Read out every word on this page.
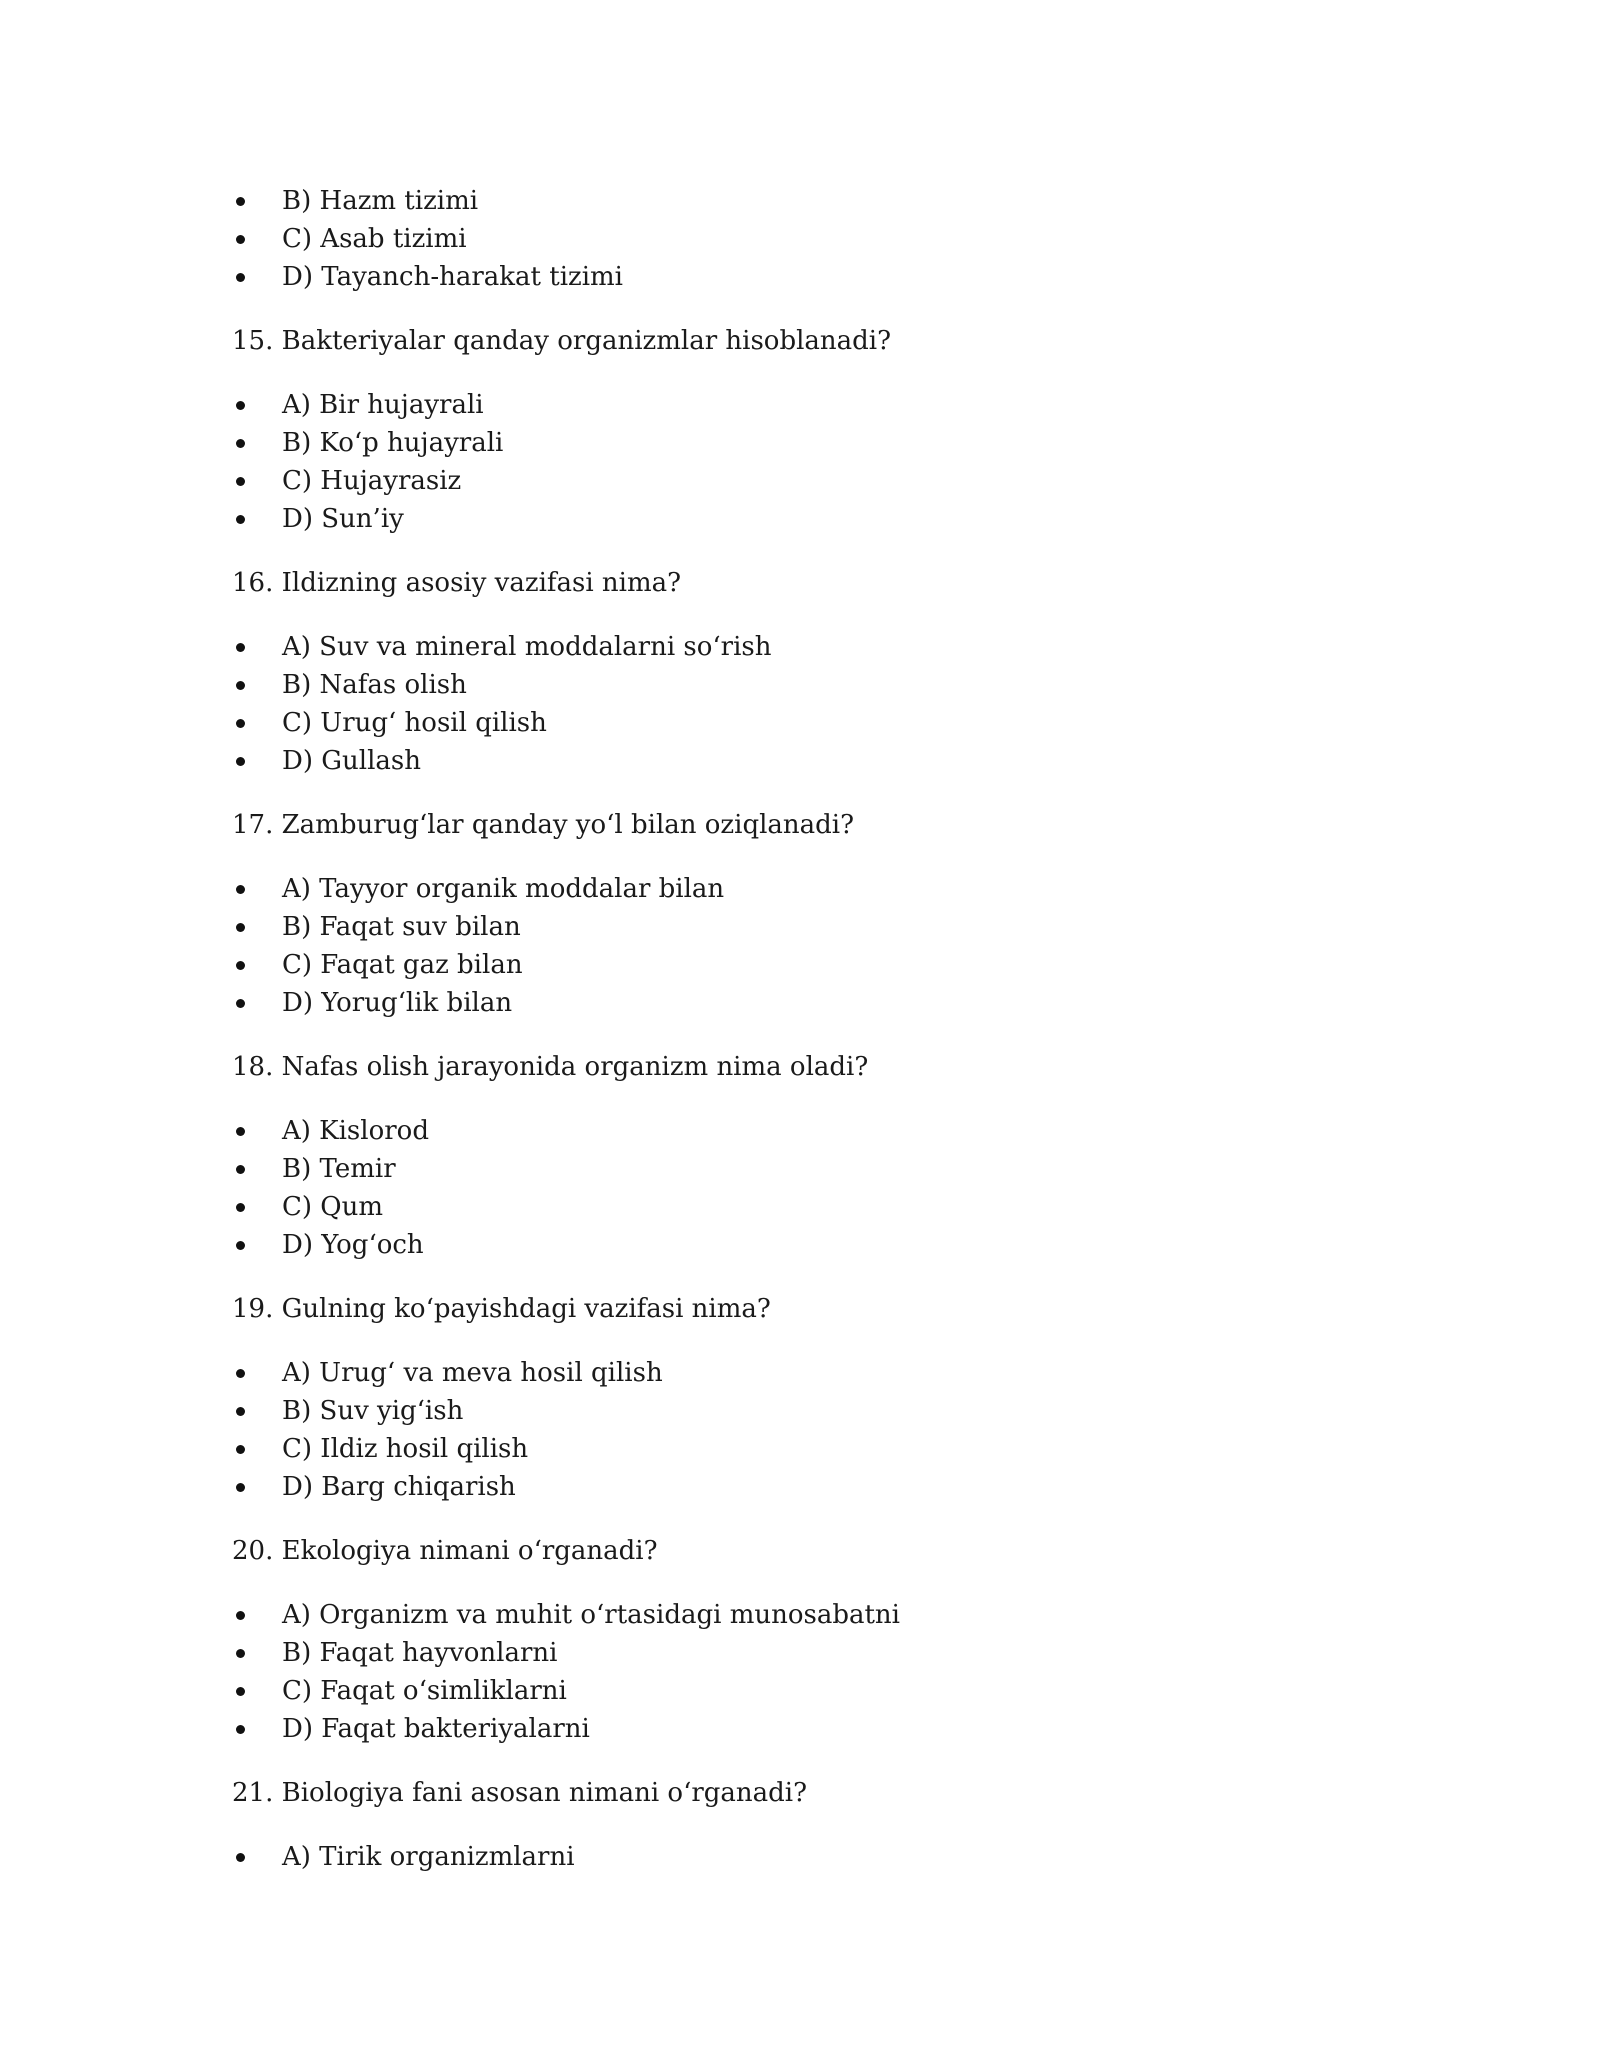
B) Hazm tizimi
C) Asab tizimi
D) Tayanch-harakat tizimi
15. Bakteriyalar qanday organizmlar hisoblanadi?
A) Bir hujayrali
B) Ko‘p hujayrali
C) Hujayrasiz
D) Sun’iy
16. Ildizning asosiy vazifasi nima?
A) Suv va mineral moddalarni so‘rish
B) Nafas olish
C) Urug‘ hosil qilish
D) Gullash
17. Zamburug‘lar qanday yo‘l bilan oziqlanadi?
A) Tayyor organik moddalar bilan
B) Faqat suv bilan
C) Faqat gaz bilan
D) Yorug‘lik bilan
18. Nafas olish jarayonida organizm nima oladi?
A) Kislorod
B) Temir
C) Qum
D) Yog‘och
19. Gulning ko‘payishdagi vazifasi nima?
A) Urug‘ va meva hosil qilish
B) Suv yig‘ish
C) Ildiz hosil qilish
D) Barg chiqarish
20. Ekologiya nimani o‘rganadi?
A) Organizm va muhit o‘rtasidagi munosabatni
B) Faqat hayvonlarni
C) Faqat o‘simliklarni
D) Faqat bakteriyalarni
21. Biologiya fani asosan nimani o‘rganadi?
A) Tirik organizmlarni
